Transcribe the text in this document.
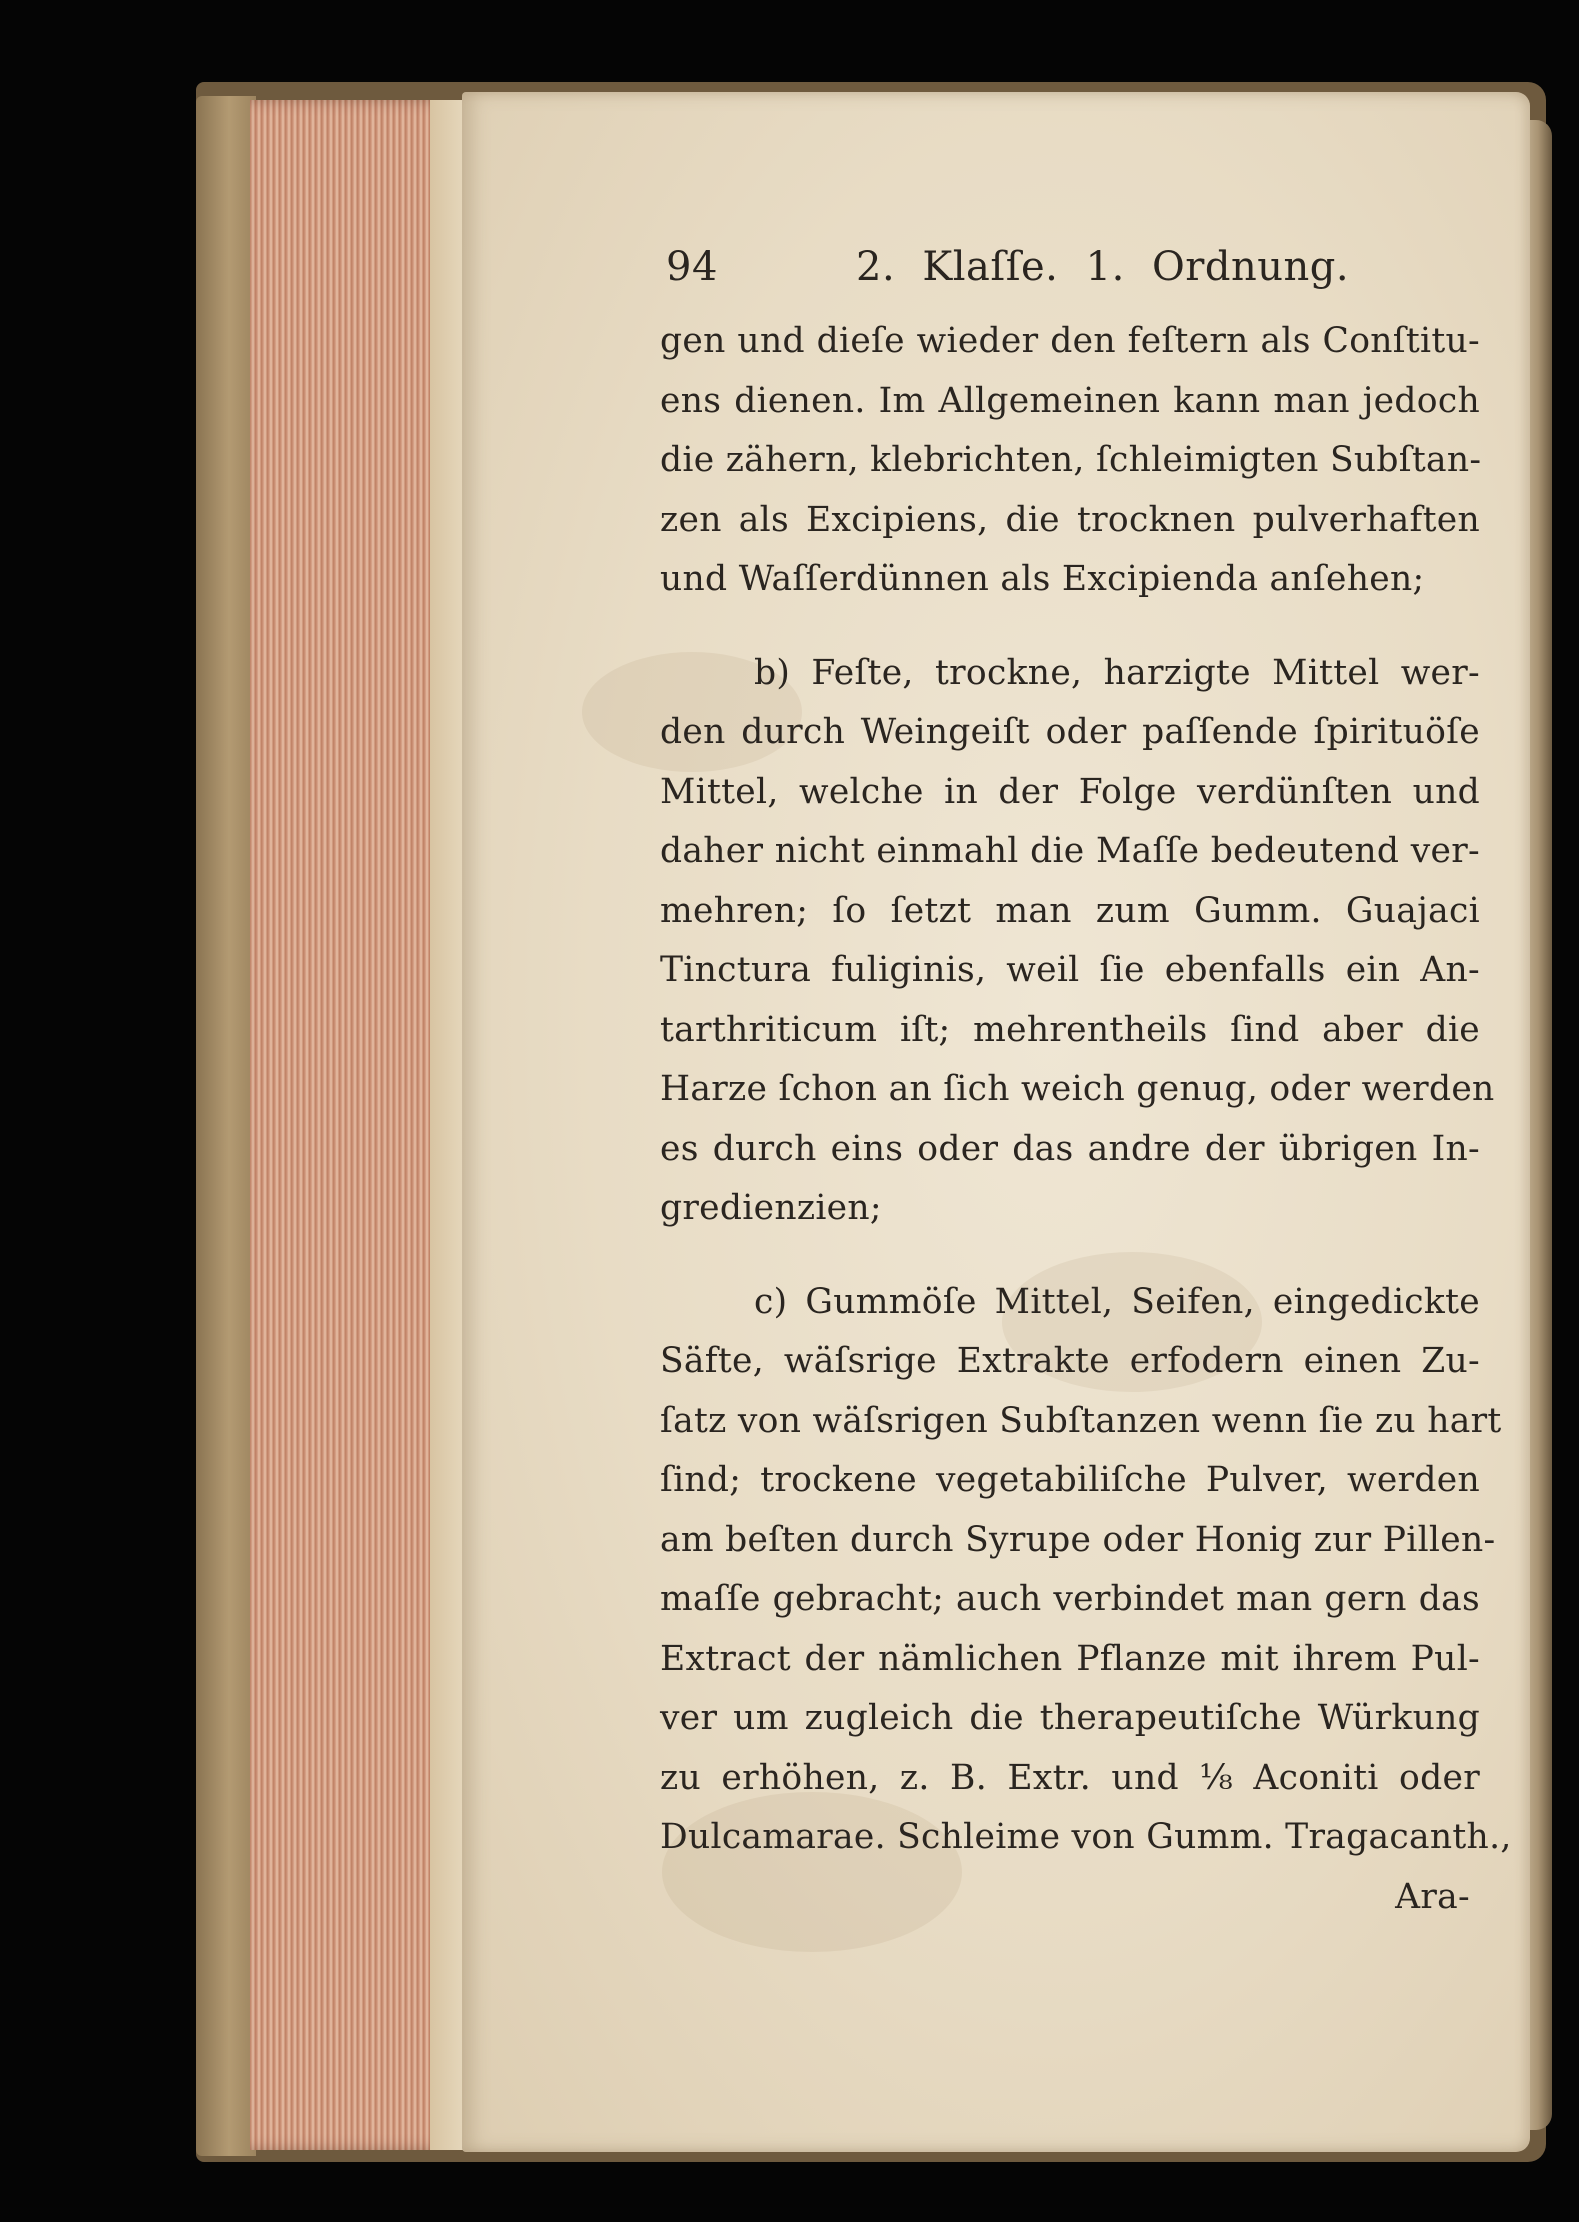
94	2. Klaſſe. 1. Ordnung.
gen und dieſe wieder den feſtern als Conſtitu-
ens dienen. Im Allgemeinen kann man jedoch
die zähern, klebrichten, ſchleimigten Subſtan-
zen als Excipiens, die trocknen pulverhaften
und Waſſerdünnen als Excipienda anſehen;
b) Feſte, trockne, harzigte Mittel wer-
den durch Weingeiſt oder paſſende ſpirituöſe
Mittel, welche in der Folge verdünſten und
daher nicht einmahl die Maſſe bedeutend ver-
mehren; ſo ſetzt man zum Gumm. Guajaci
Tinctura fuliginis, weil ſie ebenfalls ein An-
tarthriticum iſt; mehrentheils ſind aber die
Harze ſchon an ſich weich genug, oder werden
es durch eins oder das andre der übrigen In-
gredienzien;
c) Gummöſe Mittel, Seifen, eingedickte
Säfte, wäſsrige Extrakte erfodern einen Zu-
ſatz von wäſsrigen Subſtanzen wenn ſie zu hart
ſind; trockene vegetabiliſche Pulver, werden
am beſten durch Syrupe oder Honig zur Pillen-
maſſe gebracht; auch verbindet man gern das
Extract der nämlichen Pflanze mit ihrem Pul-
ver um zugleich die therapeutiſche Würkung
zu erhöhen, z. B. Extr. und ⅛ Aconiti oder
Dulcamarae. Schleime von Gumm. Tragacanth.,
Ara-
